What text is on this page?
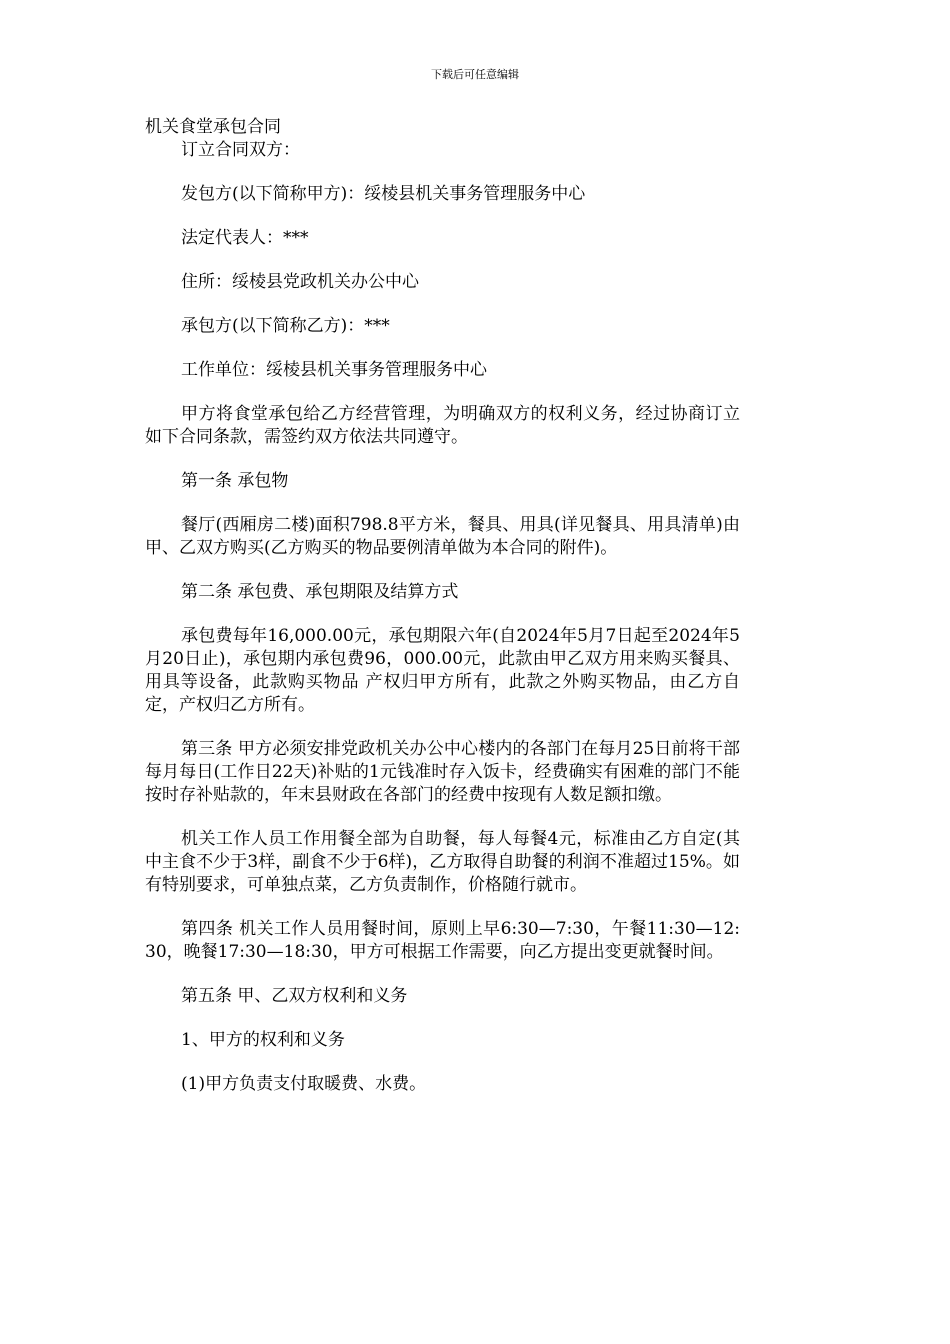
下载后可任意编辑

机关食堂承包合同

订立合同双方：

发包方(以下简称甲方)：绥棱县机关事务管理服务中心

法定代表人：***

住所：绥棱县党政机关办公中心

承包方(以下简称乙方)：***

工作单位：绥棱县机关事务管理服务中心

甲方将食堂承包给乙方经营管理，为明确双方的权利义务，经过协商订立如下合同条款，需签约双方依法共同遵守。

第一条 承包物

餐厅(西厢房二楼)面积798.8平方米，餐具、用具(详见餐具、用具清单)由甲、乙双方购买(乙方购买的物品要例清单做为本合同的附件)。

第二条 承包费、承包期限及结算方式

承包费每年16,000.00元，承包期限六年(自2024年5月7日起至2024年5月20日止)，承包期内承包费96，000.00元，此款由甲乙双方用来购买餐具、用具等设备，此款购买物品 产权归甲方所有，此款之外购买物品，由乙方自定，产权归乙方所有。

第三条 甲方必须安排党政机关办公中心楼内的各部门在每月25日前将干部每月每日(工作日22天)补贴的1元钱准时存入饭卡，经费确实有困难的部门不能按时存补贴款的，年末县财政在各部门的经费中按现有人数足额扣缴。

机关工作人员工作用餐全部为自助餐，每人每餐4元，标准由乙方自定(其中主食不少于3样，副食不少于6样)，乙方取得自助餐的利润不准超过15%。如有特别要求，可单独点菜，乙方负责制作，价格随行就市。

第四条 机关工作人员用餐时间，原则上早6:30—7:30，午餐11:30—12:30，晚餐17:30—18:30，甲方可根据工作需要，向乙方提出变更就餐时间。

第五条 甲、乙双方权利和义务

1、甲方的权利和义务

(1)甲方负责支付取暖费、水费。
